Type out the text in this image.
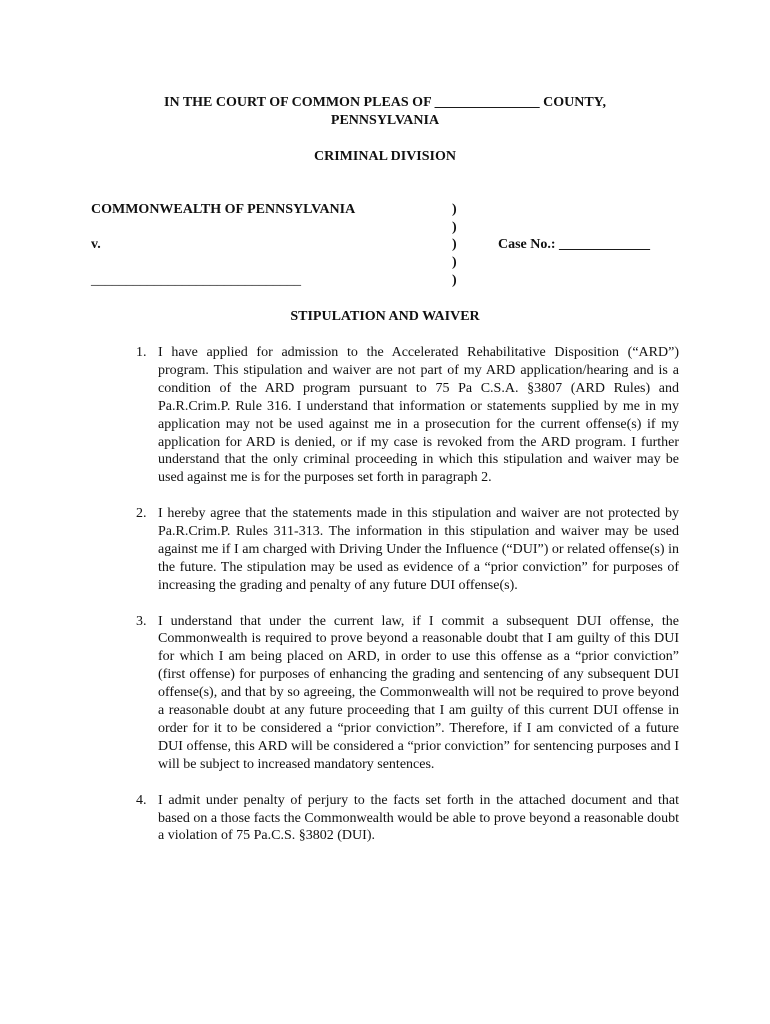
IN THE COURT OF COMMON PLEAS OF _______________ COUNTY,
PENNSYLVANIA
CRIMINAL DIVISION
COMMONWEALTH OF PENNSYLVANIA
v.
______________________________
)
)
)
)
)
Case No.: _____________
STIPULATION AND WAIVER
1. I have applied for admission to the Accelerated Rehabilitative Disposition (“ARD”) program. This stipulation and waiver are not part of my ARD application/hearing and is a condition of the ARD program pursuant to 75 Pa C.S.A. §3807 (ARD Rules) and Pa.R.Crim.P. Rule 316. I understand that information or statements supplied by me in my application may not be used against me in a prosecution for the current offense(s) if my application for ARD is denied, or if my case is revoked from the ARD program. I further understand that the only criminal proceeding in which this stipulation and waiver may be used against me is for the purposes set forth in paragraph 2.
2. I hereby agree that the statements made in this stipulation and waiver are not protected by Pa.R.Crim.P. Rules 311-313. The information in this stipulation and waiver may be used against me if I am charged with Driving Under the Influence (“DUI”) or related offense(s) in the future. The stipulation may be used as evidence of a “prior conviction” for purposes of increasing the grading and penalty of any future DUI offense(s).
3. I understand that under the current law, if I commit a subsequent DUI offense, the Commonwealth is required to prove beyond a reasonable doubt that I am guilty of this DUI for which I am being placed on ARD, in order to use this offense as a “prior conviction” (first offense) for purposes of enhancing the grading and sentencing of any subsequent DUI offense(s), and that by so agreeing, the Commonwealth will not be required to prove beyond a reasonable doubt at any future proceeding that I am guilty of this current DUI offense in order for it to be considered a “prior conviction”. Therefore, if I am convicted of a future DUI offense, this ARD will be considered a “prior conviction” for sentencing purposes and I will be subject to increased mandatory sentences.
4. I admit under penalty of perjury to the facts set forth in the attached document and that based on a those facts the Commonwealth would be able to prove beyond a reasonable doubt a violation of 75 Pa.C.S. §3802 (DUI).
